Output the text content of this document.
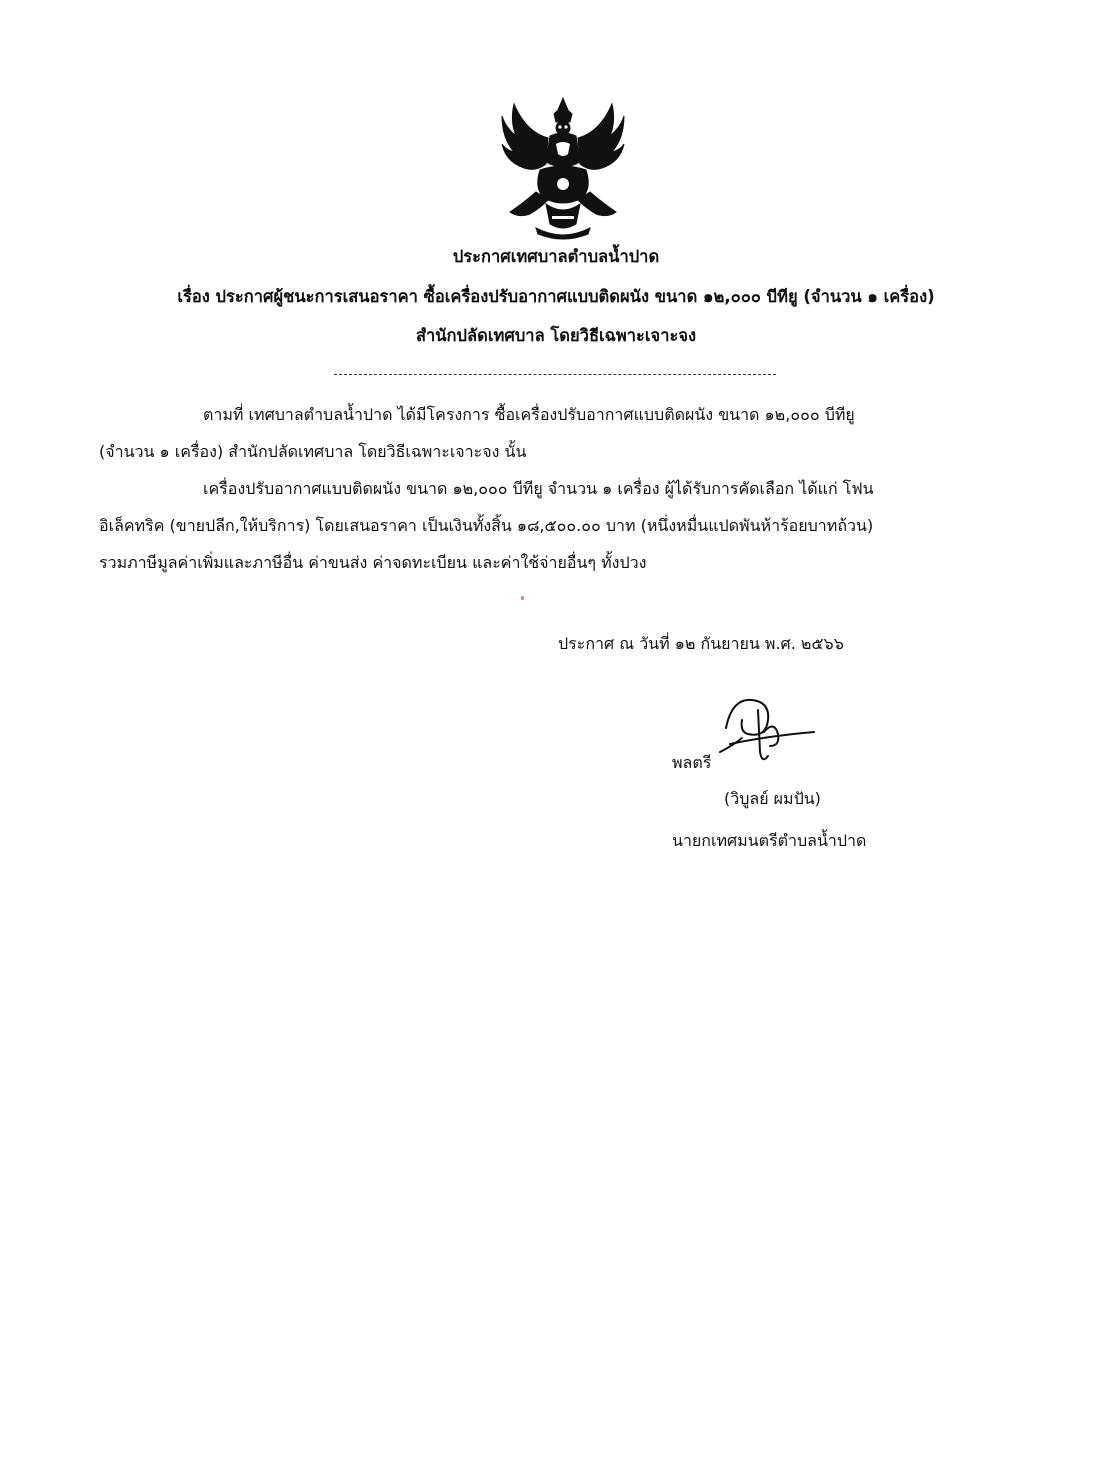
ประกาศเทศบาลตำบลน้ำปาด
เรื่อง ประกาศผู้ชนะการเสนอราคา ซื้อเครื่องปรับอากาศแบบติดผนัง ขนาด ๑๒,๐๐๐ บีทียู (จำนวน ๑ เครื่อง)
สำนักปลัดเทศบาล โดยวิธีเฉพาะเจาะจง
ตามที่ เทศบาลตำบลน้ำปาด ได้มีโครงการ ซื้อเครื่องปรับอากาศแบบติดผนัง ขนาด ๑๒,๐๐๐ บีทียู
(จำนวน ๑ เครื่อง) สำนักปลัดเทศบาล โดยวิธีเฉพาะเจาะจง นั้น
เครื่องปรับอากาศแบบติดผนัง ขนาด ๑๒,๐๐๐ บีทียู จำนวน ๑ เครื่อง ผู้ได้รับการคัดเลือก ได้แก่ โฟน
อิเล็คทริค (ขายปลีก,ให้บริการ) โดยเสนอราคา เป็นเงินทั้งสิ้น ๑๘,๕๐๐.๐๐ บาท (หนึ่งหมื่นแปดพันห้าร้อยบาทถ้วน)
รวมภาษีมูลค่าเพิ่มและภาษีอื่น ค่าขนส่ง ค่าจดทะเบียน และค่าใช้จ่ายอื่นๆ ทั้งปวง
ประกาศ ณ วันที่ ๑๒ กันยายน พ.ศ. ๒๕๖๖
พลตรี
(วิบูลย์ ผมปัน)
นายกเทศมนตรีตำบลน้ำปาด
